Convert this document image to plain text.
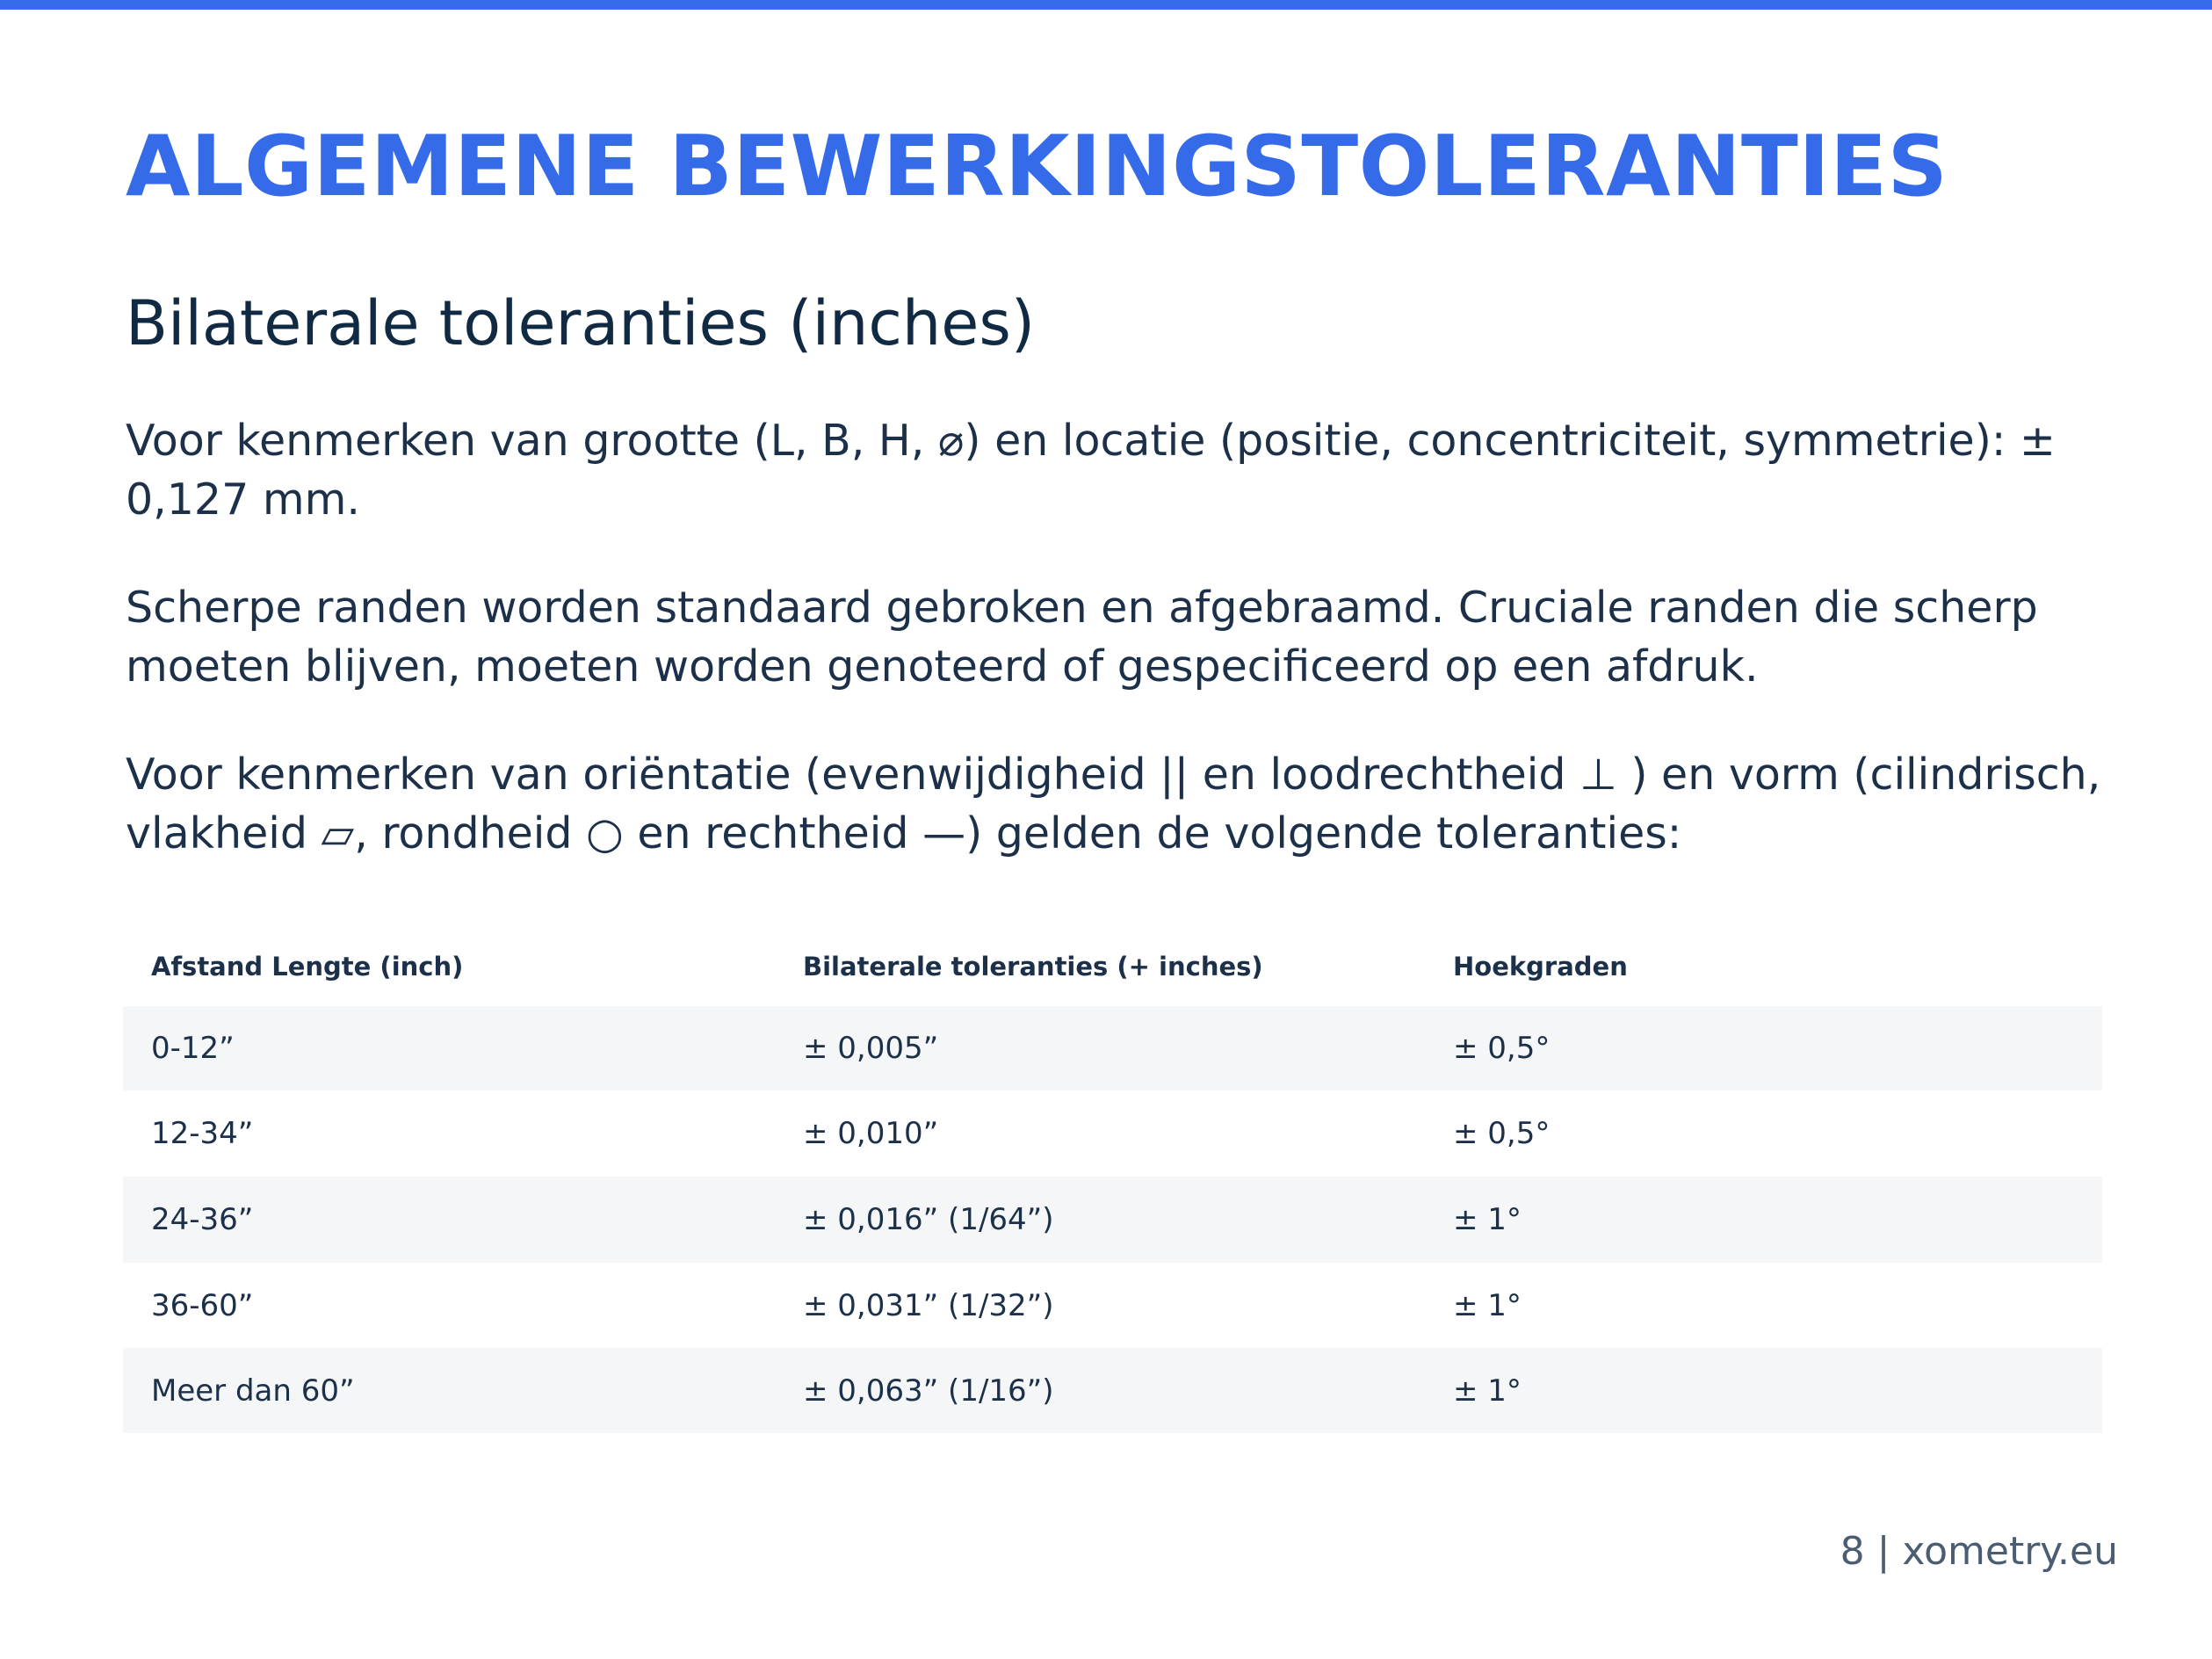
ALGEMENE BEWERKINGSTOLERANTIES
Bilaterale toleranties (inches)

Voor kenmerken van grootte (L, B, H, ⌀) en locatie (positie, concentriciteit, symmetrie): ± 0,127 mm.

Scherpe randen worden standaard gebroken en afgebraamd. Cruciale randen die scherp moeten blijven, moeten worden genoteerd of gespecificeerd op een afdruk.

Voor kenmerken van oriëntatie (evenwijdigheid || en loodrechtheid ⊥ ) en vorm (cilindrisch, vlakheid ▱, rondheid ○ en rechtheid —) gelden de volgende toleranties:

Afstand Lengte (inch)	Bilaterale toleranties (+ inches)	Hoekgraden
0-12”	± 0,005”	± 0,5°
12-34”	± 0,010”	± 0,5°
24-36”	± 0,016” (1/64”)	± 1°
36-60”	± 0,031” (1/32”)	± 1°
Meer dan 60”	± 0,063” (1/16”)	± 1°
8 | xometry.eu
